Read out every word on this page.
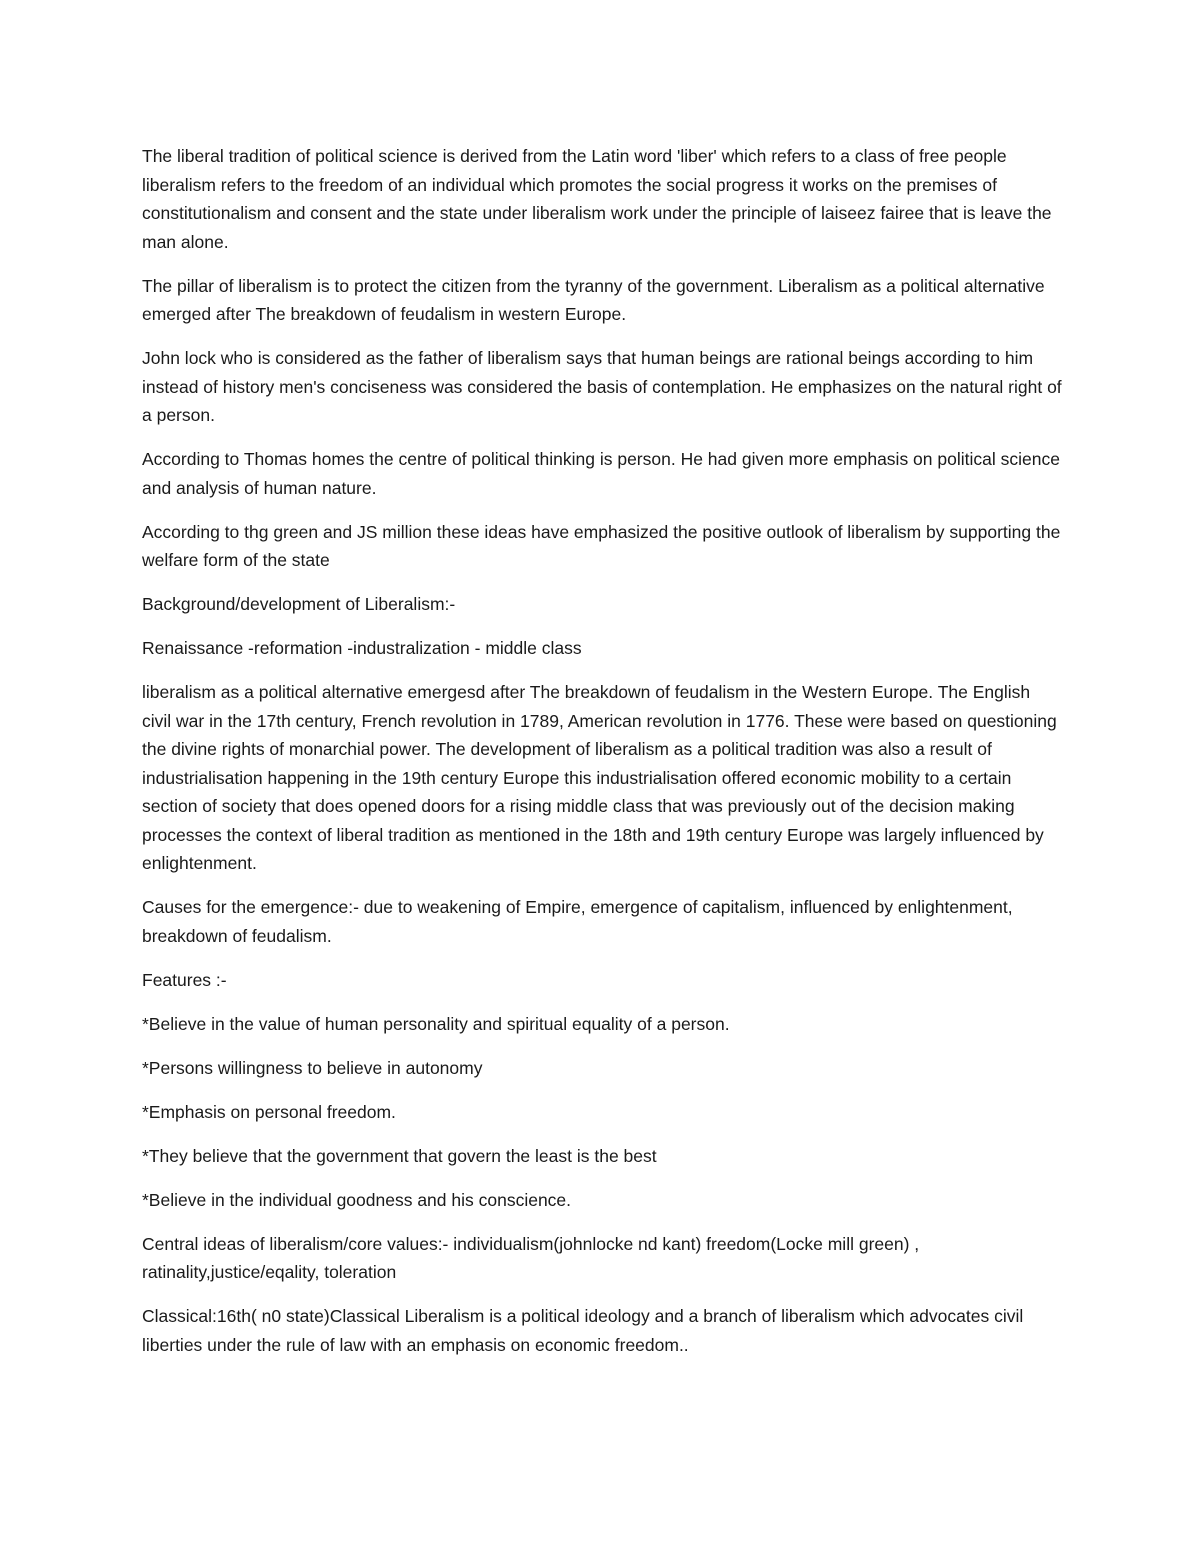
The liberal tradition of political science is derived from the Latin word 'liber' which refers to a class of free people liberalism refers to the freedom of an individual which promotes the social progress it works on the premises of constitutionalism and consent and the state under liberalism work under the principle of laiseez fairee that is leave the man alone.

The pillar of liberalism is to protect the citizen from the tyranny of the government. Liberalism as a political alternative emerged after The breakdown of feudalism in western Europe.

John lock who is considered as the father of liberalism says that human beings are rational beings according to him instead of history men's conciseness was considered the basis of contemplation. He emphasizes on the natural right of a person.

According to Thomas homes the centre of political thinking is person. He had given more emphasis on political science and analysis of human nature.

According to thg green and JS million these ideas have emphasized the positive outlook of liberalism by supporting the welfare form of the state

Background/development of Liberalism:-

Renaissance -reformation -industralization - middle class

liberalism as a political alternative emergesd after The breakdown of feudalism in the Western Europe. The English civil war in the 17th century, French revolution in 1789, American revolution in 1776. These were based on questioning the divine rights of monarchial power. The development of liberalism as a political tradition was also a result of industrialisation happening in the 19th century Europe this industrialisation offered economic mobility to a certain section of society that does opened doors for a rising middle class that was previously out of the decision making processes the context of liberal tradition as mentioned in the 18th and 19th century Europe was largely influenced by enlightenment.

Causes for the emergence:- due to weakening of Empire, emergence of capitalism, influenced by enlightenment, breakdown of feudalism.

Features :-

*Believe in the value of human personality and spiritual equality of a person.

*Persons willingness to believe in autonomy

*Emphasis on personal freedom.

*They believe that the government that govern the least is the best

*Believe in the individual goodness and his conscience.

Central ideas of liberalism/core values:- individualism(johnlocke nd kant) freedom(Locke mill green) , ratinality,justice/eqality, toleration

Classical:16th( n0 state)Classical Liberalism is a political ideology and a branch of liberalism which advocates civil liberties under the rule of law with an emphasis on economic freedom..
